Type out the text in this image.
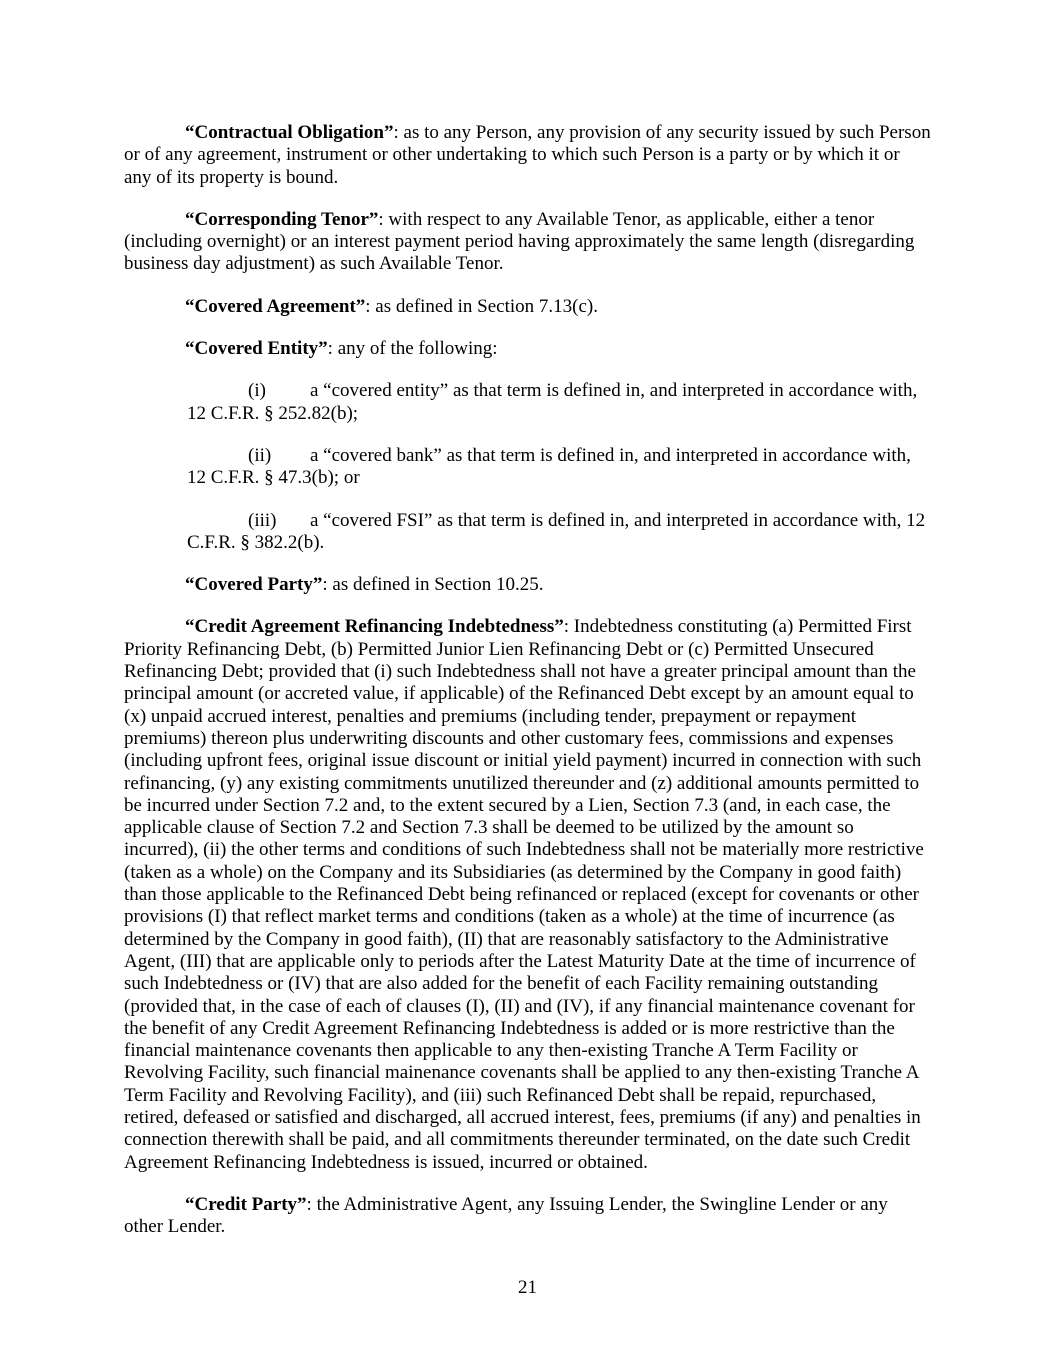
“Contractual Obligation”: as to any Person, any provision of any security issued by such Person or of any agreement, instrument or other undertaking to which such Person is a party or by which it or any of its property is bound.

“Corresponding Tenor”: with respect to any Available Tenor, as applicable, either a tenor (including overnight) or an interest payment period having approximately the same length (disregarding business day adjustment) as such Available Tenor.

“Covered Agreement”: as defined in Section 7.13(c).

“Covered Entity”: any of the following:

(i) a “covered entity” as that term is defined in, and interpreted in accordance with, 12 C.F.R. § 252.82(b);

(ii) a “covered bank” as that term is defined in, and interpreted in accordance with, 12 C.F.R. § 47.3(b); or

(iii) a “covered FSI” as that term is defined in, and interpreted in accordance with, 12 C.F.R. § 382.2(b).

“Covered Party”: as defined in Section 10.25.

“Credit Agreement Refinancing Indebtedness”: Indebtedness constituting (a) Permitted First Priority Refinancing Debt, (b) Permitted Junior Lien Refinancing Debt or (c) Permitted Unsecured Refinancing Debt; provided that (i) such Indebtedness shall not have a greater principal amount than the principal amount (or accreted value, if applicable) of the Refinanced Debt except by an amount equal to (x) unpaid accrued interest, penalties and premiums (including tender, prepayment or repayment premiums) thereon plus underwriting discounts and other customary fees, commissions and expenses (including upfront fees, original issue discount or initial yield payment) incurred in connection with such refinancing, (y) any existing commitments unutilized thereunder and (z) additional amounts permitted to be incurred under Section 7.2 and, to the extent secured by a Lien, Section 7.3 (and, in each case, the applicable clause of Section 7.2 and Section 7.3 shall be deemed to be utilized by the amount so incurred), (ii) the other terms and conditions of such Indebtedness shall not be materially more restrictive (taken as a whole) on the Company and its Subsidiaries (as determined by the Company in good faith) than those applicable to the Refinanced Debt being refinanced or replaced (except for covenants or other provisions (I) that reflect market terms and conditions (taken as a whole) at the time of incurrence (as determined by the Company in good faith), (II) that are reasonably satisfactory to the Administrative Agent, (III) that are applicable only to periods after the Latest Maturity Date at the time of incurrence of such Indebtedness or (IV) that are also added for the benefit of each Facility remaining outstanding (provided that, in the case of each of clauses (I), (II) and (IV), if any financial maintenance covenant for the benefit of any Credit Agreement Refinancing Indebtedness is added or is more restrictive than the financial maintenance covenants then applicable to any then-existing Tranche A Term Facility or Revolving Facility, such financial mainenance covenants shall be applied to any then-existing Tranche A Term Facility and Revolving Facility), and (iii) such Refinanced Debt shall be repaid, repurchased, retired, defeased or satisfied and discharged, all accrued interest, fees, premiums (if any) and penalties in connection therewith shall be paid, and all commitments thereunder terminated, on the date such Credit Agreement Refinancing Indebtedness is issued, incurred or obtained.

“Credit Party”: the Administrative Agent, any Issuing Lender, the Swingline Lender or any other Lender.

21
